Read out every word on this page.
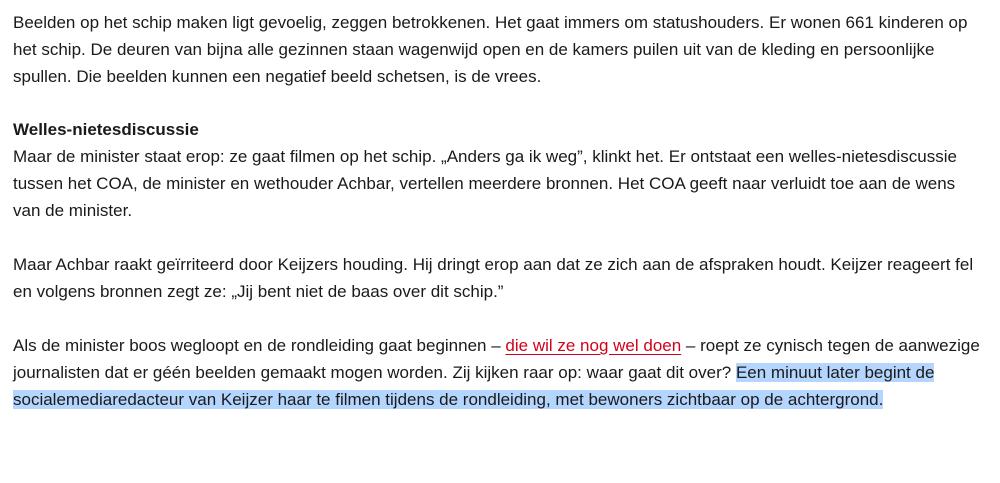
Beelden op het schip maken ligt gevoelig, zeggen betrokkenen. Het gaat immers om statushouders. Er wonen 661 kinderen op het schip. De deuren van bijna alle gezinnen staan wagenwijd open en de kamers puilen uit van de kleding en persoonlijke spullen. Die beelden kunnen een negatief beeld schetsen, is de vrees.

Welles-nietesdiscussie

Maar de minister staat erop: ze gaat filmen op het schip. „Anders ga ik weg”, klinkt het. Er ontstaat een welles-nietesdiscussie tussen het COA, de minister en wethouder Achbar, vertellen meerdere bronnen. Het COA geeft naar verluidt toe aan de wens van de minister.

Maar Achbar raakt geïrriteerd door Keijzers houding. Hij dringt erop aan dat ze zich aan de afspraken houdt. Keijzer reageert fel en volgens bronnen zegt ze: „Jij bent niet de baas over dit schip.”

Als de minister boos wegloopt en de rondleiding gaat beginnen – die wil ze nog wel doen – roept ze cynisch tegen de aanwezige journalisten dat er géén beelden gemaakt mogen worden. Zij kijken raar op: waar gaat dit over? Een minuut later begint de socialemediaredacteur van Keijzer haar te filmen tijdens de rondleiding, met bewoners zichtbaar op de achtergrond.
